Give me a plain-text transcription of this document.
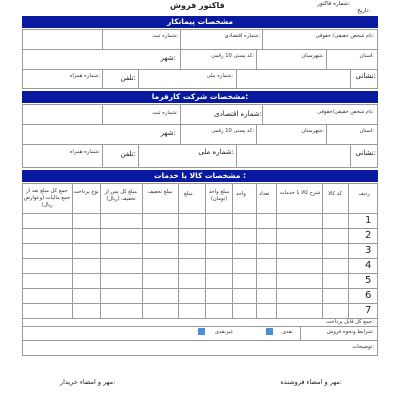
شماره فاکتور:
فاکتور فروش
تاریخ:
مشخصات پیمانکار
نام شخص حقیقی/ حقوقی:
شماره اقتصادی:
شماره ثبت:
استان:
شهرستان:
کد پستی 10 رقمی:
شهر:
نشانی:
شماره ملی:
تلفن:
شماره همراه:
مشخصات شرکت کارفرما:
نام شخص حقیقی/حقوقی:
شماره اقتصادی:
شماره ثبت:
استان:
شهرستان:
کد پستی 10 رقمی:
شهر:
نشانی:
شماره ملی:
تلفن:
شماره همراه:
مشخصات کالا یا خدمات :
ردیف
کد کالا
شرح کالا یا خدمات
تعداد
واحد
مبلغ واحد (تومان)
مبلغ
مبلغ تخفیف
مبلغ کل پس از تخفیف (ریال)
نوع پرداخت
جمع کل مبلغ بعد از جمع مالیات (وعوارض ریال)
1
2
3
4
5
6
7
جمع کل قابل پرداخت:
شرایط ونحوه فروش:
نقدی
غیرنقدی
توضیحات:
مهر و امضاء فروشنده:
مهر و امضاء خریدار:
